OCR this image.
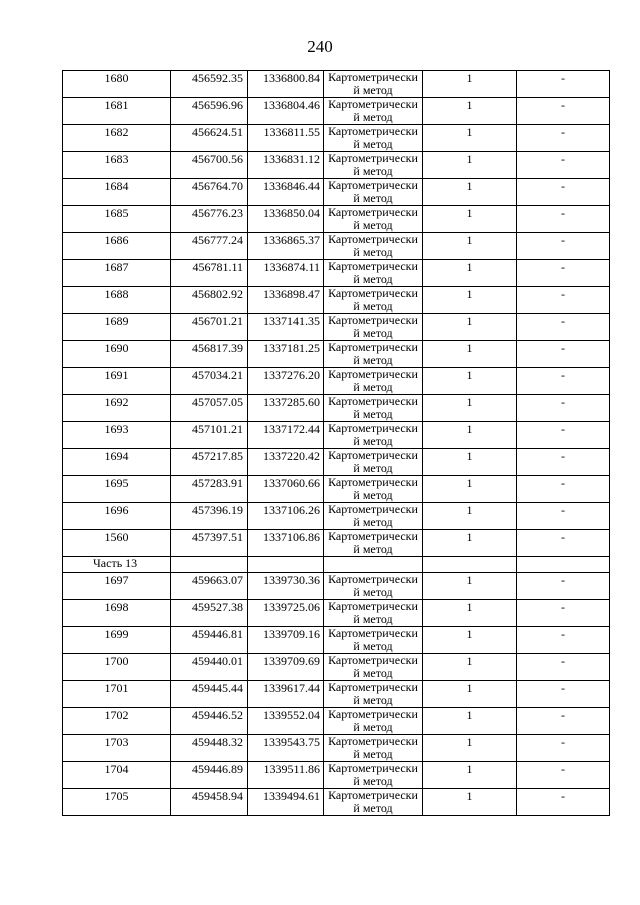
240
1680	456592.35	1336800.84	Картометрически й метод	1	-

1681	456596.96	1336804.46	Картометрически й метод	1	-

1682	456624.51	1336811.55	Картометрически й метод	1	-

1683	456700.56	1336831.12	Картометрически й метод	1	-

1684	456764.70	1336846.44	Картометрически й метод	1	-

1685	456776.23	1336850.04	Картометрически й метод	1	-

1686	456777.24	1336865.37	Картометрически й метод	1	-

1687	456781.11	1336874.11	Картометрически й метод	1	-

1688	456802.92	1336898.47	Картометрически й метод	1	-

1689	456701.21	1337141.35	Картометрически й метод	1	-

1690	456817.39	1337181.25	Картометрически й метод	1	-

1691	457034.21	1337276.20	Картометрически й метод	1	-

1692	457057.05	1337285.60	Картометрически й метод	1	-

1693	457101.21	1337172.44	Картометрически й метод	1	-

1694	457217.85	1337220.42	Картометрически й метод	1	-

1695	457283.91	1337060.66	Картометрически й метод	1	-

1696	457396.19	1337106.26	Картометрически й метод	1	-

1560	457397.51	1337106.86	Картометрически й метод	1	-

Часть 13					

1697	459663.07	1339730.36	Картометрически й метод	1	-

1698	459527.38	1339725.06	Картометрически й метод	1	-

1699	459446.81	1339709.16	Картометрически й метод	1	-

1700	459440.01	1339709.69	Картометрически й метод	1	-

1701	459445.44	1339617.44	Картометрически й метод	1	-

1702	459446.52	1339552.04	Картометрически й метод	1	-

1703	459448.32	1339543.75	Картометрически й метод	1	-

1704	459446.89	1339511.86	Картометрически й метод	1	-

1705	459458.94	1339494.61	Картометрически й метод	1	-
